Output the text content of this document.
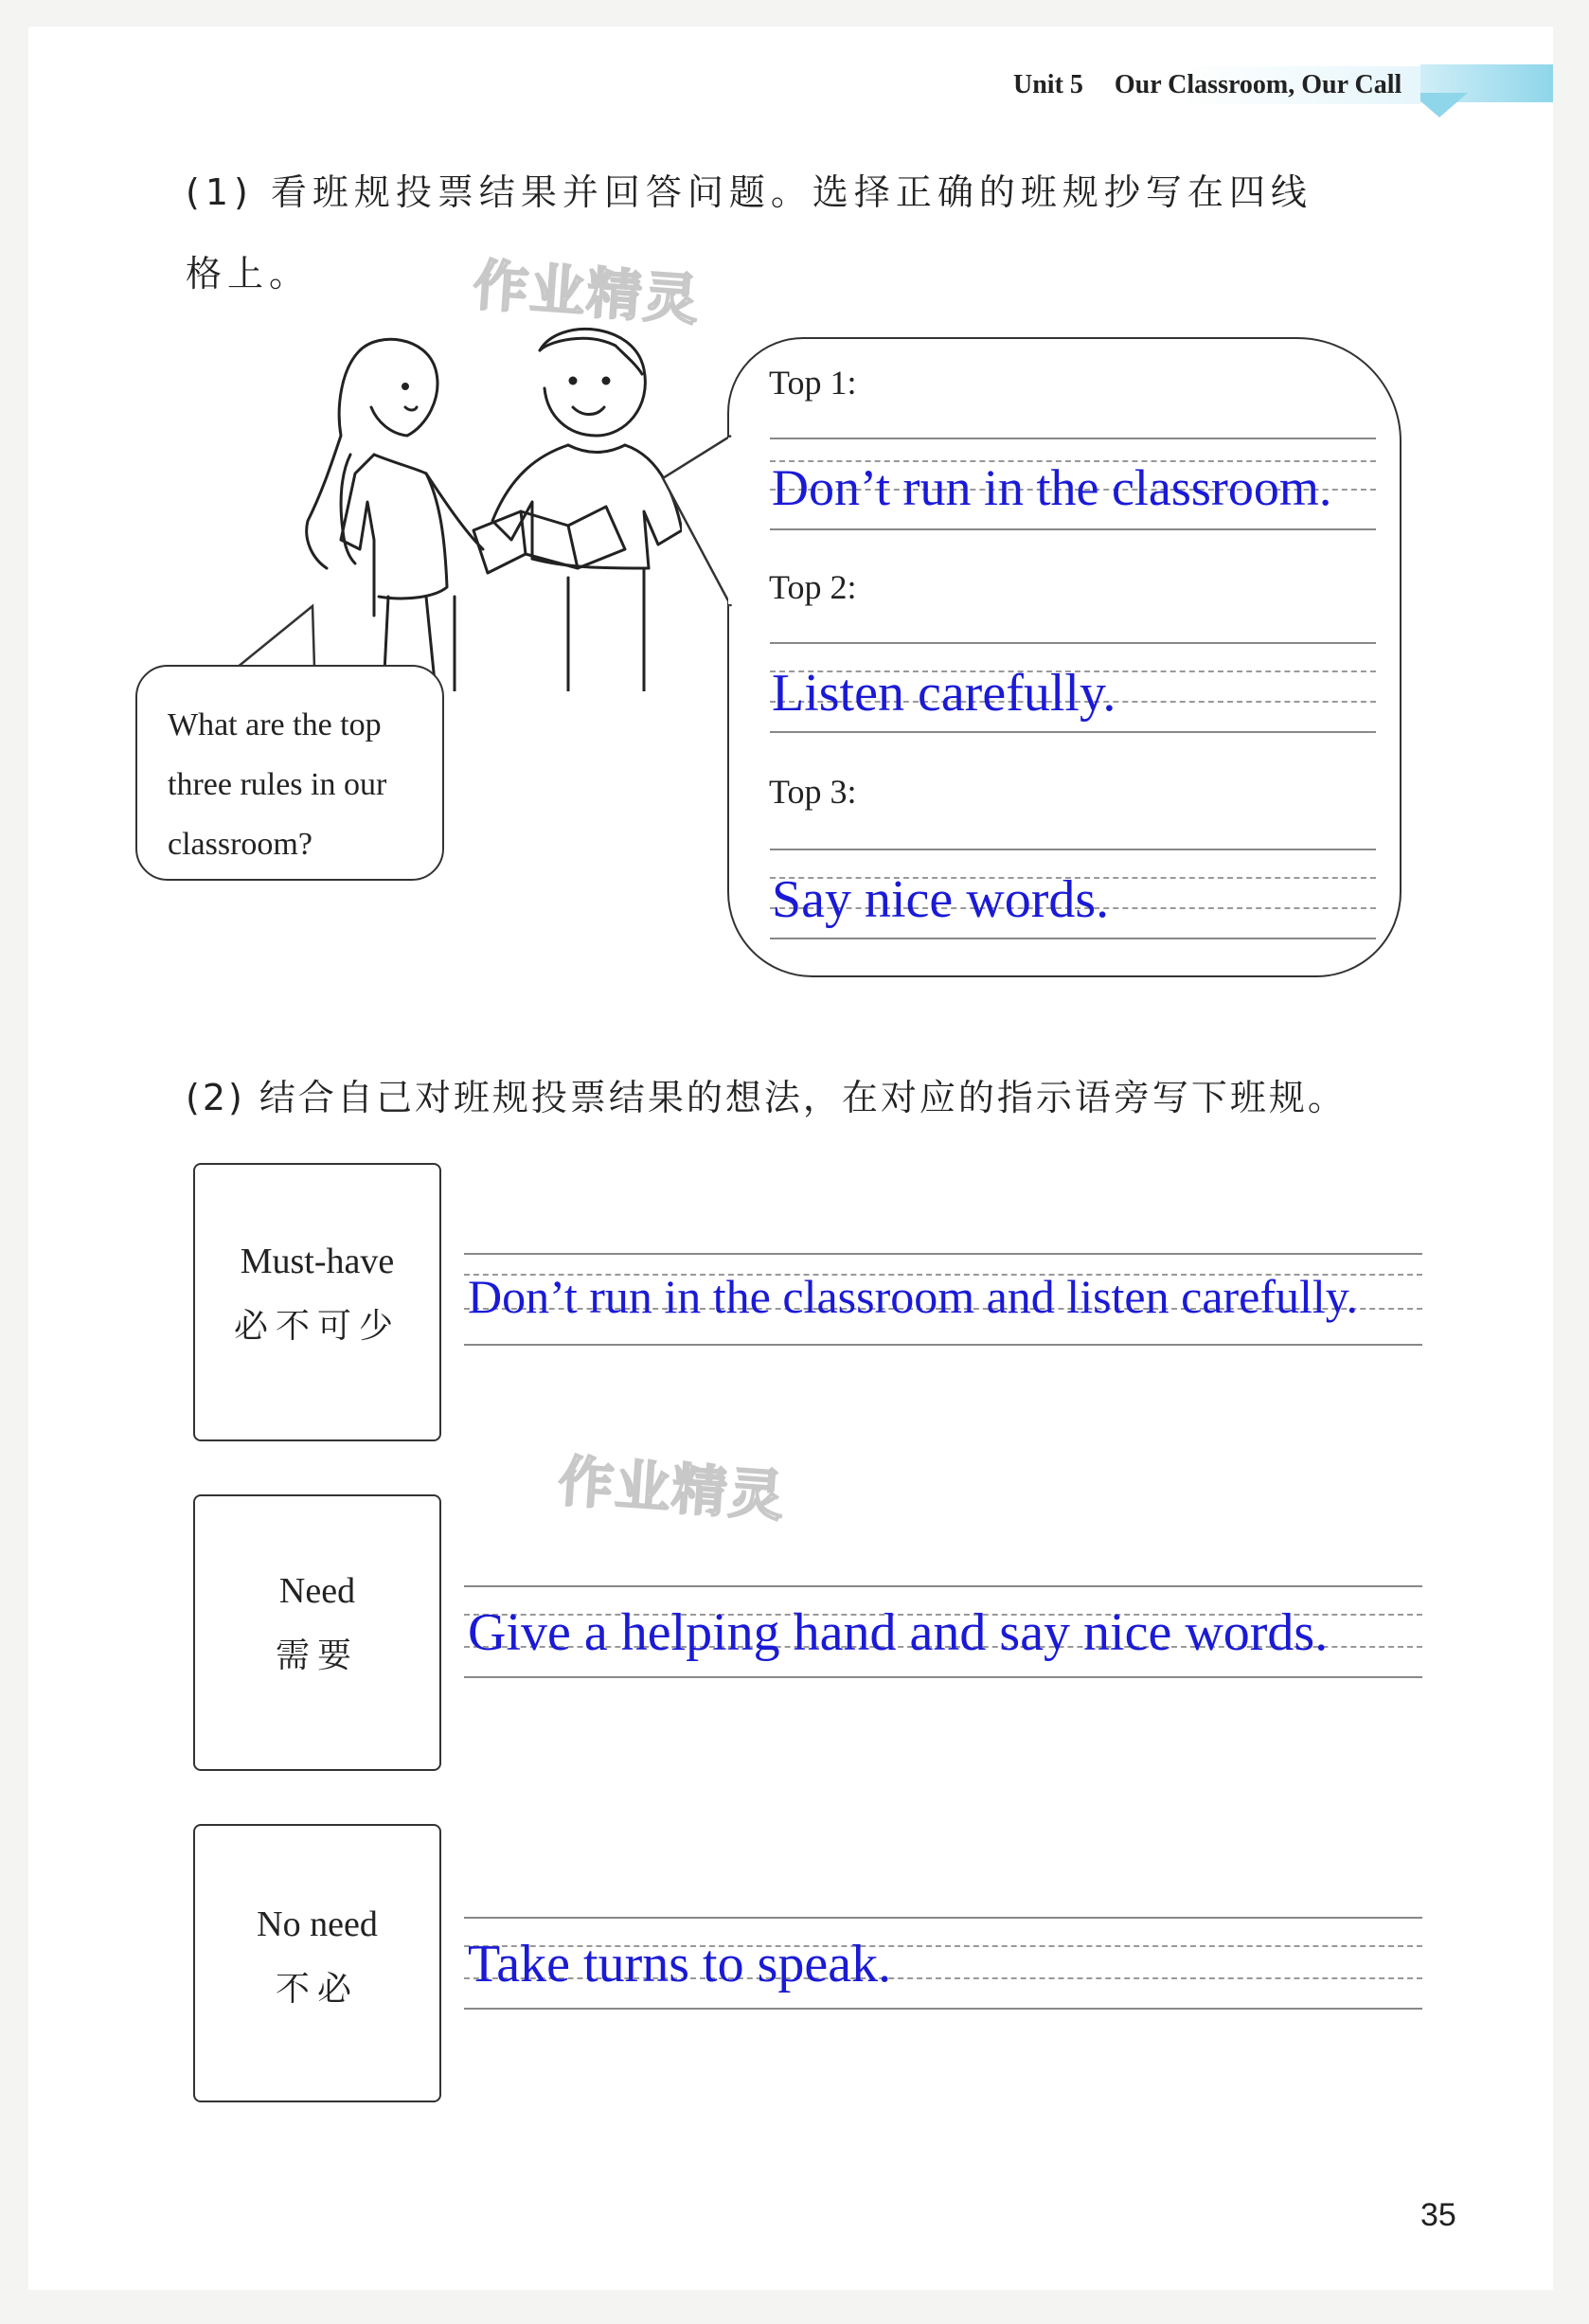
Unit 5 Our Classroom, Our Call
(1) 看班规投票结果并回答问题。选择正确的班规抄写在四线
格上。	作业精灵
What are the top
three rules in our
classroom?
Top 1:
Don’t run in the classroom.
Top 2:
Listen carefully.
Top 3:
Say nice words.
(2) 结合自己对班规投票结果的想法，在对应的指示语旁写下班规。
Must-have
必不可少
Don’t run in the classroom and listen carefully.
作业精灵
Need
需要	Give a helping hand and say nice words.
No need
不必	Take turns to speak.
35
